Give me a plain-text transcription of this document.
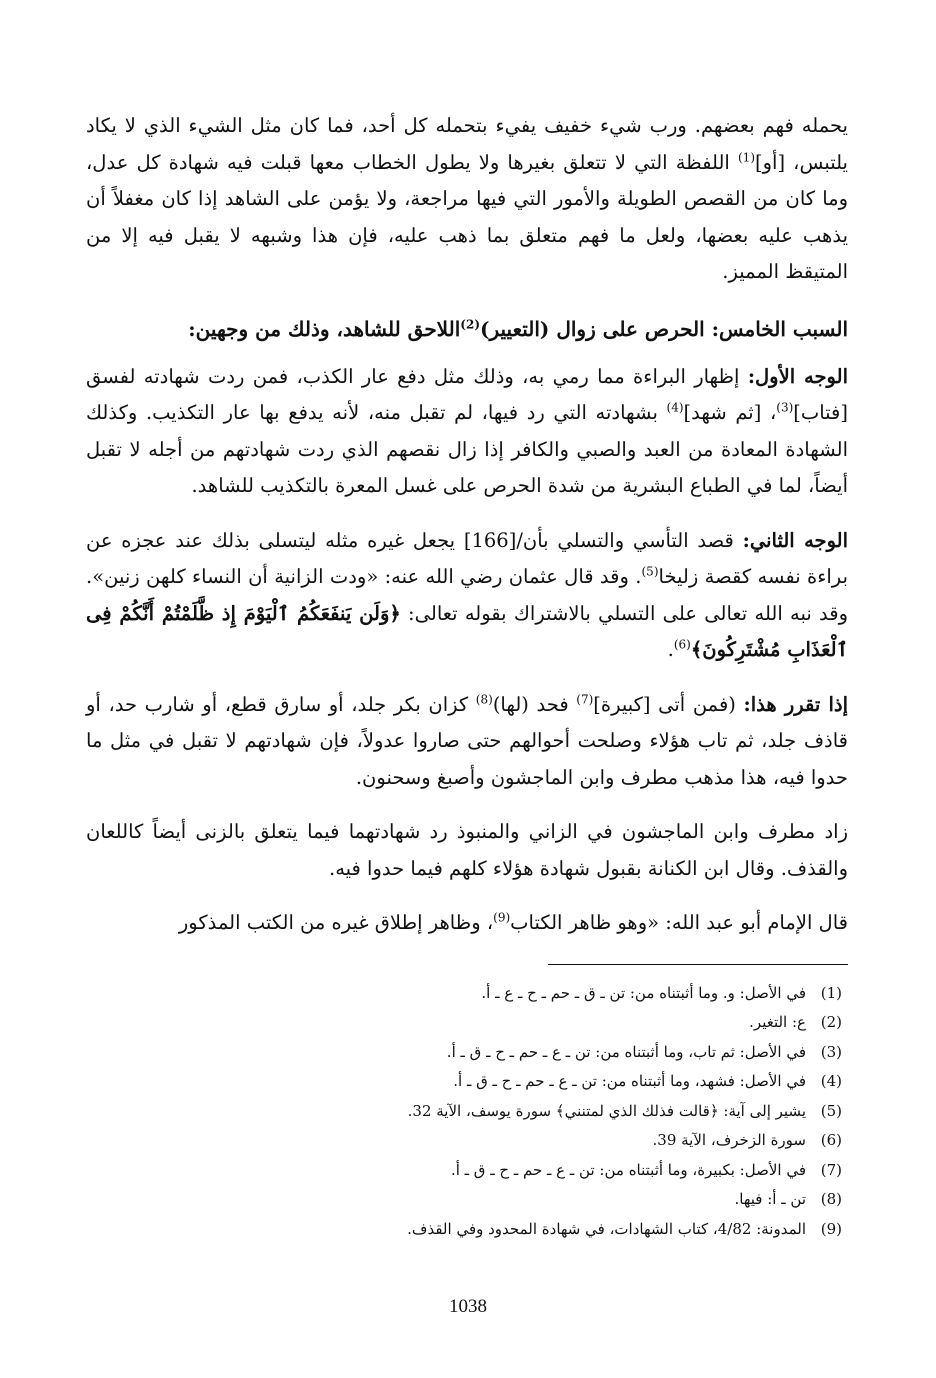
يحمله فهم بعضهم. ورب شيء خفيف يفيء بتحمله كل أحد، فما كان مثل الشيء الذي لا يكاد يلتبس، [أو]$^{(1)}$ اللفظة التي لا تتعلق بغيرها ولا يطول الخطاب معها قبلت فيه شهادة كل عدل، وما كان من القصص الطويلة والأمور التي فيها مراجعة، ولا يؤمن على الشاهد إذا كان مغفلاً أن يذهب عليه بعضها، ولعل ما فهم متعلق بما ذهب عليه، فإن هذا وشبهه لا يقبل فيه إلا من المتيقظ المميز.

السبب الخامس: الحرص على زوال (التعيير)$^{(2)}$اللاحق للشاهد، وذلك من وجهين:

الوجه الأول: إظهار البراءة مما رمي به، وذلك مثل دفع عار الكذب، فمن ردت شهادته لفسق [فتاب]$^{(3)}$، [ثم شهد]$^{(4)}$ بشهادته التي رد فيها، لم تقبل منه، لأنه يدفع بها عار التكذيب. وكذلك الشهادة المعادة من العبد والصبي والكافر إذا زال نقصهم الذي ردت شهادتهم من أجله لا تقبل أيضاً، لما في الطباع البشرية من شدة الحرص على غسل المعرة بالتكذيب للشاهد.

الوجه الثاني: قصد التأسي والتسلي بأن/[166] يجعل غيره مثله ليتسلى بذلك عند عجزه عن براءة نفسه كقصة زليخا$^{(5)}$. وقد قال عثمان رضي الله عنه: «ودت الزانية أن النساء كلهن زنين». وقد نبه الله تعالى على التسلي بالاشتراك بقوله تعالى: ﴿وَلَن يَنفَعَكُمُ ٱلْيَوْمَ إِذ ظَّلَمْتُمْ أَنَّكُمْ فِى ٱلْعَذَابِ مُشْتَرِكُونَ﴾$^{(6)}$.

إذا تقرر هذا: (فمن أتى [كبيرة]$^{(7)}$ فحد (لها)$^{(8)}$ كزان بكر جلد، أو سارق قطع، أو شارب حد، أو قاذف جلد، ثم تاب هؤلاء وصلحت أحوالهم حتى صاروا عدولاً، فإن شهادتهم لا تقبل في مثل ما حدوا فيه، هذا مذهب مطرف وابن الماجشون وأصبغ وسحنون.

زاد مطرف وابن الماجشون في الزاني والمنبوذ رد شهادتهما فيما يتعلق بالزنى أيضاً كاللعان والقذف. وقال ابن الكنانة بقبول شهادة هؤلاء كلهم فيما حدوا فيه.

قال الإمام أبو عبد الله: «وهو ظاهر الكتاب$^{(9)}$، وظاهر إطلاق غيره من الكتب المذكور

(1)
في الأصل: و. وما أثبتناه من: تن ـ ق ـ حم ـ ح ـ ع ـ أ.
(2)
ع: التغير.
(3)
في الأصل: ثم تاب، وما أثبتناه من: تن ـ ع ـ حم ـ ح ـ ق ـ أ.
(4)
في الأصل: فشهد، وما أثبتناه من: تن ـ ع ـ حم ـ ح ـ ق ـ أ.
(5)
يشير إلى آية: ﴿قالت فذلك الذي لمتنني﴾ سورة يوسف، الآية 32.
(6)
سورة الزخرف، الآية 39.
(7)
في الأصل: بكبيرة، وما أثبتناه من: تن ـ ع ـ حم ـ ح ـ ق ـ أ.
(8)
تن ـ أ: فيها.
(9)
المدونة: 4/82، كتاب الشهادات، في شهادة المحدود وفي القذف.
1038
